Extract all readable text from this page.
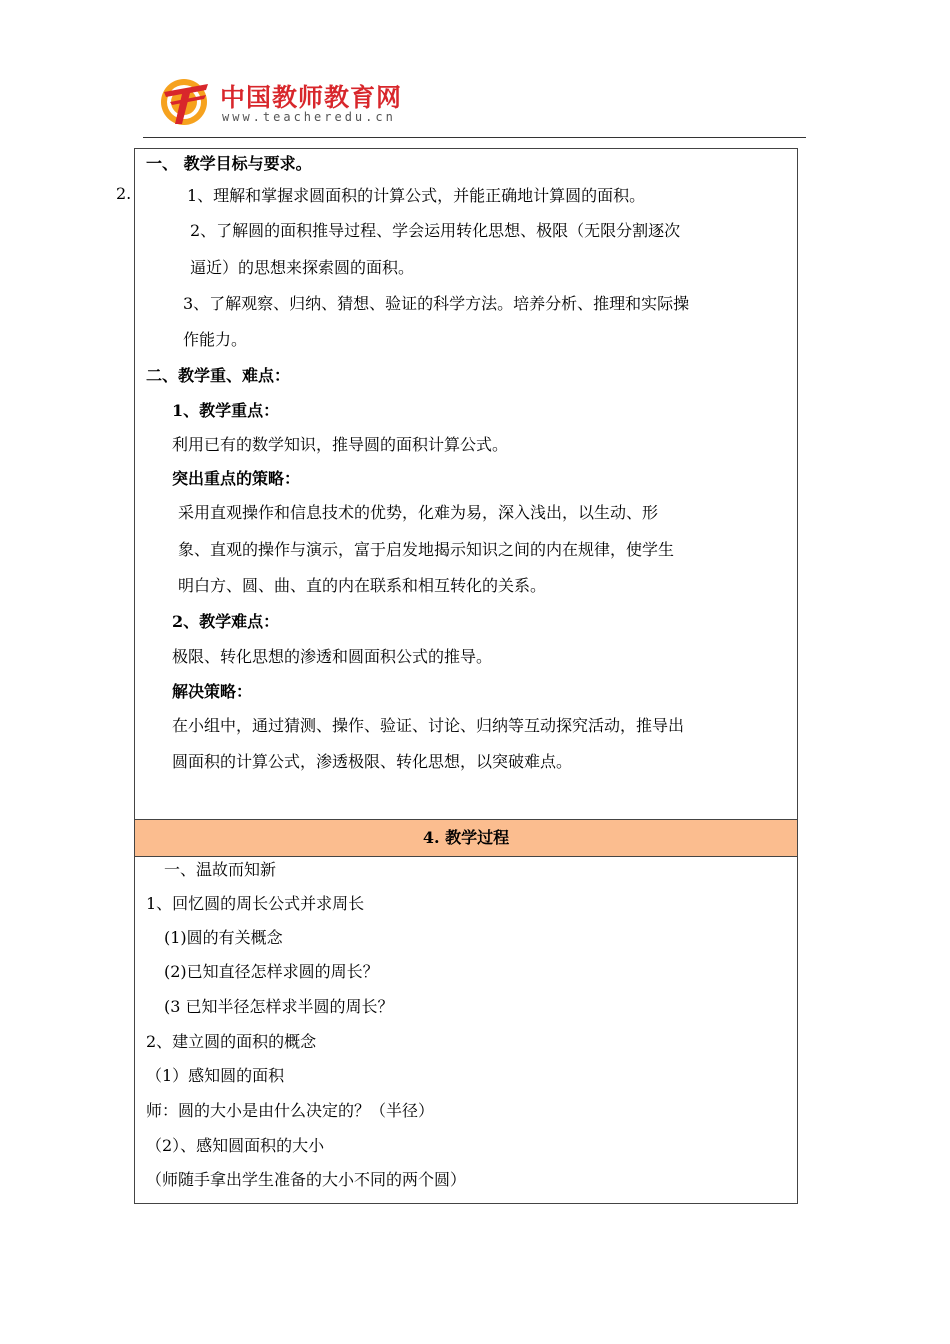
中国教师教育网
www.teacheredu.cn
2.
一、 教学目标与要求。
1、理解和掌握求圆面积的计算公式，并能正确地计算圆的面积。
2、了解圆的面积推导过程、学会运用转化思想、极限（无限分割逐次
逼近）的思想来探索圆的面积。
3、了解观察、归纳、猜想、验证的科学方法。培养分析、推理和实际操
作能力。
二、教学重、难点：
1、教学重点：
利用已有的数学知识，推导圆的面积计算公式。
突出重点的策略：
采用直观操作和信息技术的优势，化难为易，深入浅出，以生动、形
象、直观的操作与演示，富于启发地揭示知识之间的内在规律，使学生
明白方、圆、曲、直的内在联系和相互转化的关系。
2、教学难点：
极限、转化思想的渗透和圆面积公式的推导。
解决策略：
在小组中，通过猜测、操作、验证、讨论、归纳等互动探究活动，推导出
圆面积的计算公式，渗透极限、转化思想，以突破难点。
4. 教学过程
一、温故而知新
1、回忆圆的周长公式并求周长
(1)圆的有关概念
(2)已知直径怎样求圆的周长？
(3 已知半径怎样求半圆的周长？
2、建立圆的面积的概念
（1）感知圆的面积
师：圆的大小是由什么决定的？（半径）
（2）、感知圆面积的大小
（师随手拿出学生准备的大小不同的两个圆）
